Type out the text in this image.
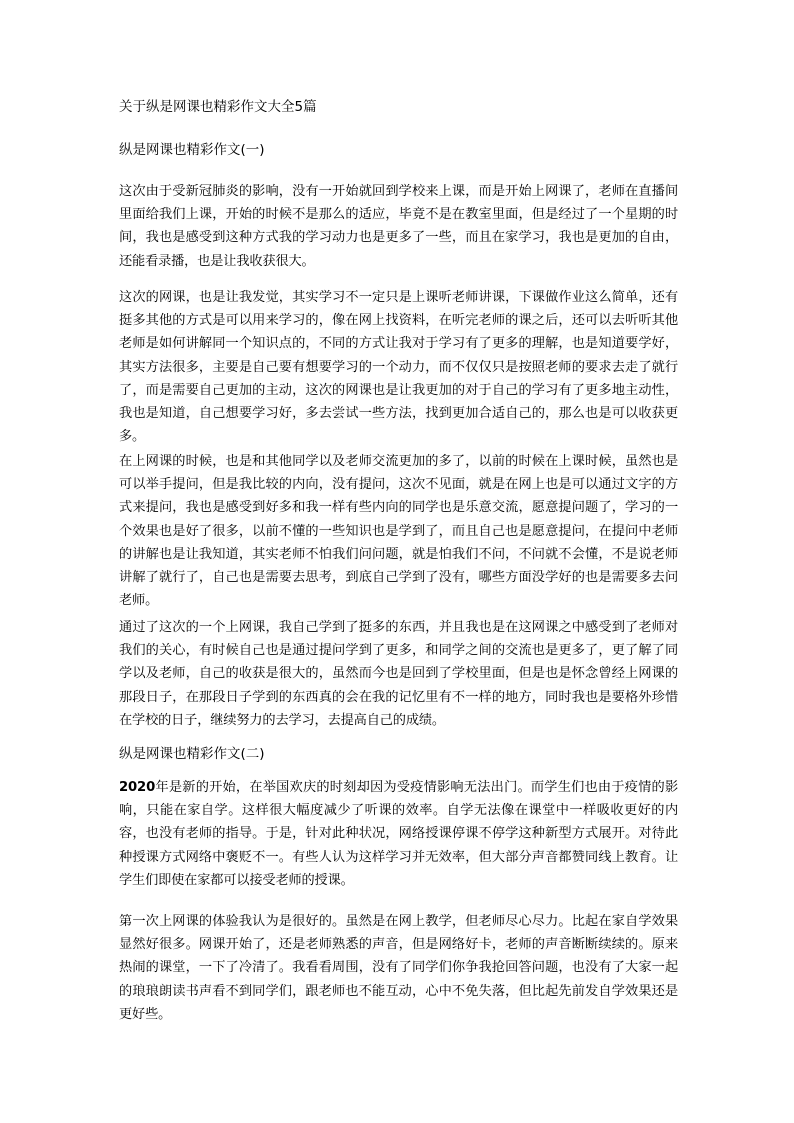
关于纵是网课也精彩作文大全5篇
纵是网课也精彩作文(一)

这次由于受新冠肺炎的影响，没有一开始就回到学校来上课，而是开始上网课了，老师在直播间里面给我们上课，开始的时候不是那么的适应，毕竟不是在教室里面，但是经过了一个星期的时间，我也是感受到这种方式我的学习动力也是更多了一些，而且在家学习，我也是更加的自由，还能看录播，也是让我收获很大。

这次的网课，也是让我发觉，其实学习不一定只是上课听老师讲课，下课做作业这么简单，还有挺多其他的方式是可以用来学习的，像在网上找资料，在听完老师的课之后，还可以去听听其他老师是如何讲解同一个知识点的，不同的方式让我对于学习有了更多的理解，也是知道要学好，其实方法很多，主要是自己要有想要学习的一个动力，而不仅仅只是按照老师的要求去走了就行了，而是需要自己更加的主动，这次的网课也是让我更加的对于自己的学习有了更多地主动性，我也是知道，自己想要学习好，多去尝试一些方法，找到更加合适自己的，那么也是可以收获更多。

在上网课的时候，也是和其他同学以及老师交流更加的多了，以前的时候在上课时候，虽然也是可以举手提问，但是我比较的内向，没有提问，这次不见面，就是在网上也是可以通过文字的方式来提问，我也是感受到好多和我一样有些内向的同学也是乐意交流，愿意提问题了，学习的一个效果也是好了很多，以前不懂的一些知识也是学到了，而且自己也是愿意提问，在提问中老师的讲解也是让我知道，其实老师不怕我们问问题，就是怕我们不问，不问就不会懂，不是说老师讲解了就行了，自己也是需要去思考，到底自己学到了没有，哪些方面没学好的也是需要多去问老师。

通过了这次的一个上网课，我自己学到了挺多的东西，并且我也是在这网课之中感受到了老师对我们的关心，有时候自己也是通过提问学到了更多，和同学之间的交流也是更多了，更了解了同学以及老师，自己的收获是很大的，虽然而今也是回到了学校里面，但是也是怀念曾经上网课的那段日子，在那段日子学到的东西真的会在我的记忆里有不一样的地方，同时我也是要格外珍惜在学校的日子，继续努力的去学习，去提高自己的成绩。

纵是网课也精彩作文(二)

2020年是新的开始，在举国欢庆的时刻却因为受疫情影响无法出门。而学生们也由于疫情的影响，只能在家自学。这样很大幅度减少了听课的效率。自学无法像在课堂中一样吸收更好的内容，也没有老师的指导。于是，针对此种状况，网络授课停课不停学这种新型方式展开。对待此种授课方式网络中褒贬不一。有些人认为这样学习并无效率，但大部分声音都赞同线上教育。让学生们即使在家都可以接受老师的授课。

第一次上网课的体验我认为是很好的。虽然是在网上教学，但老师尽心尽力。比起在家自学效果显然好很多。网课开始了，还是老师熟悉的声音，但是网络好卡，老师的声音断断续续的。原来热闹的课堂，一下了冷清了。我看看周围，没有了同学们你争我抢回答问题，也没有了大家一起的琅琅朗读书声看不到同学们，跟老师也不能互动，心中不免失落，但比起先前发自学效果还是更好些。
